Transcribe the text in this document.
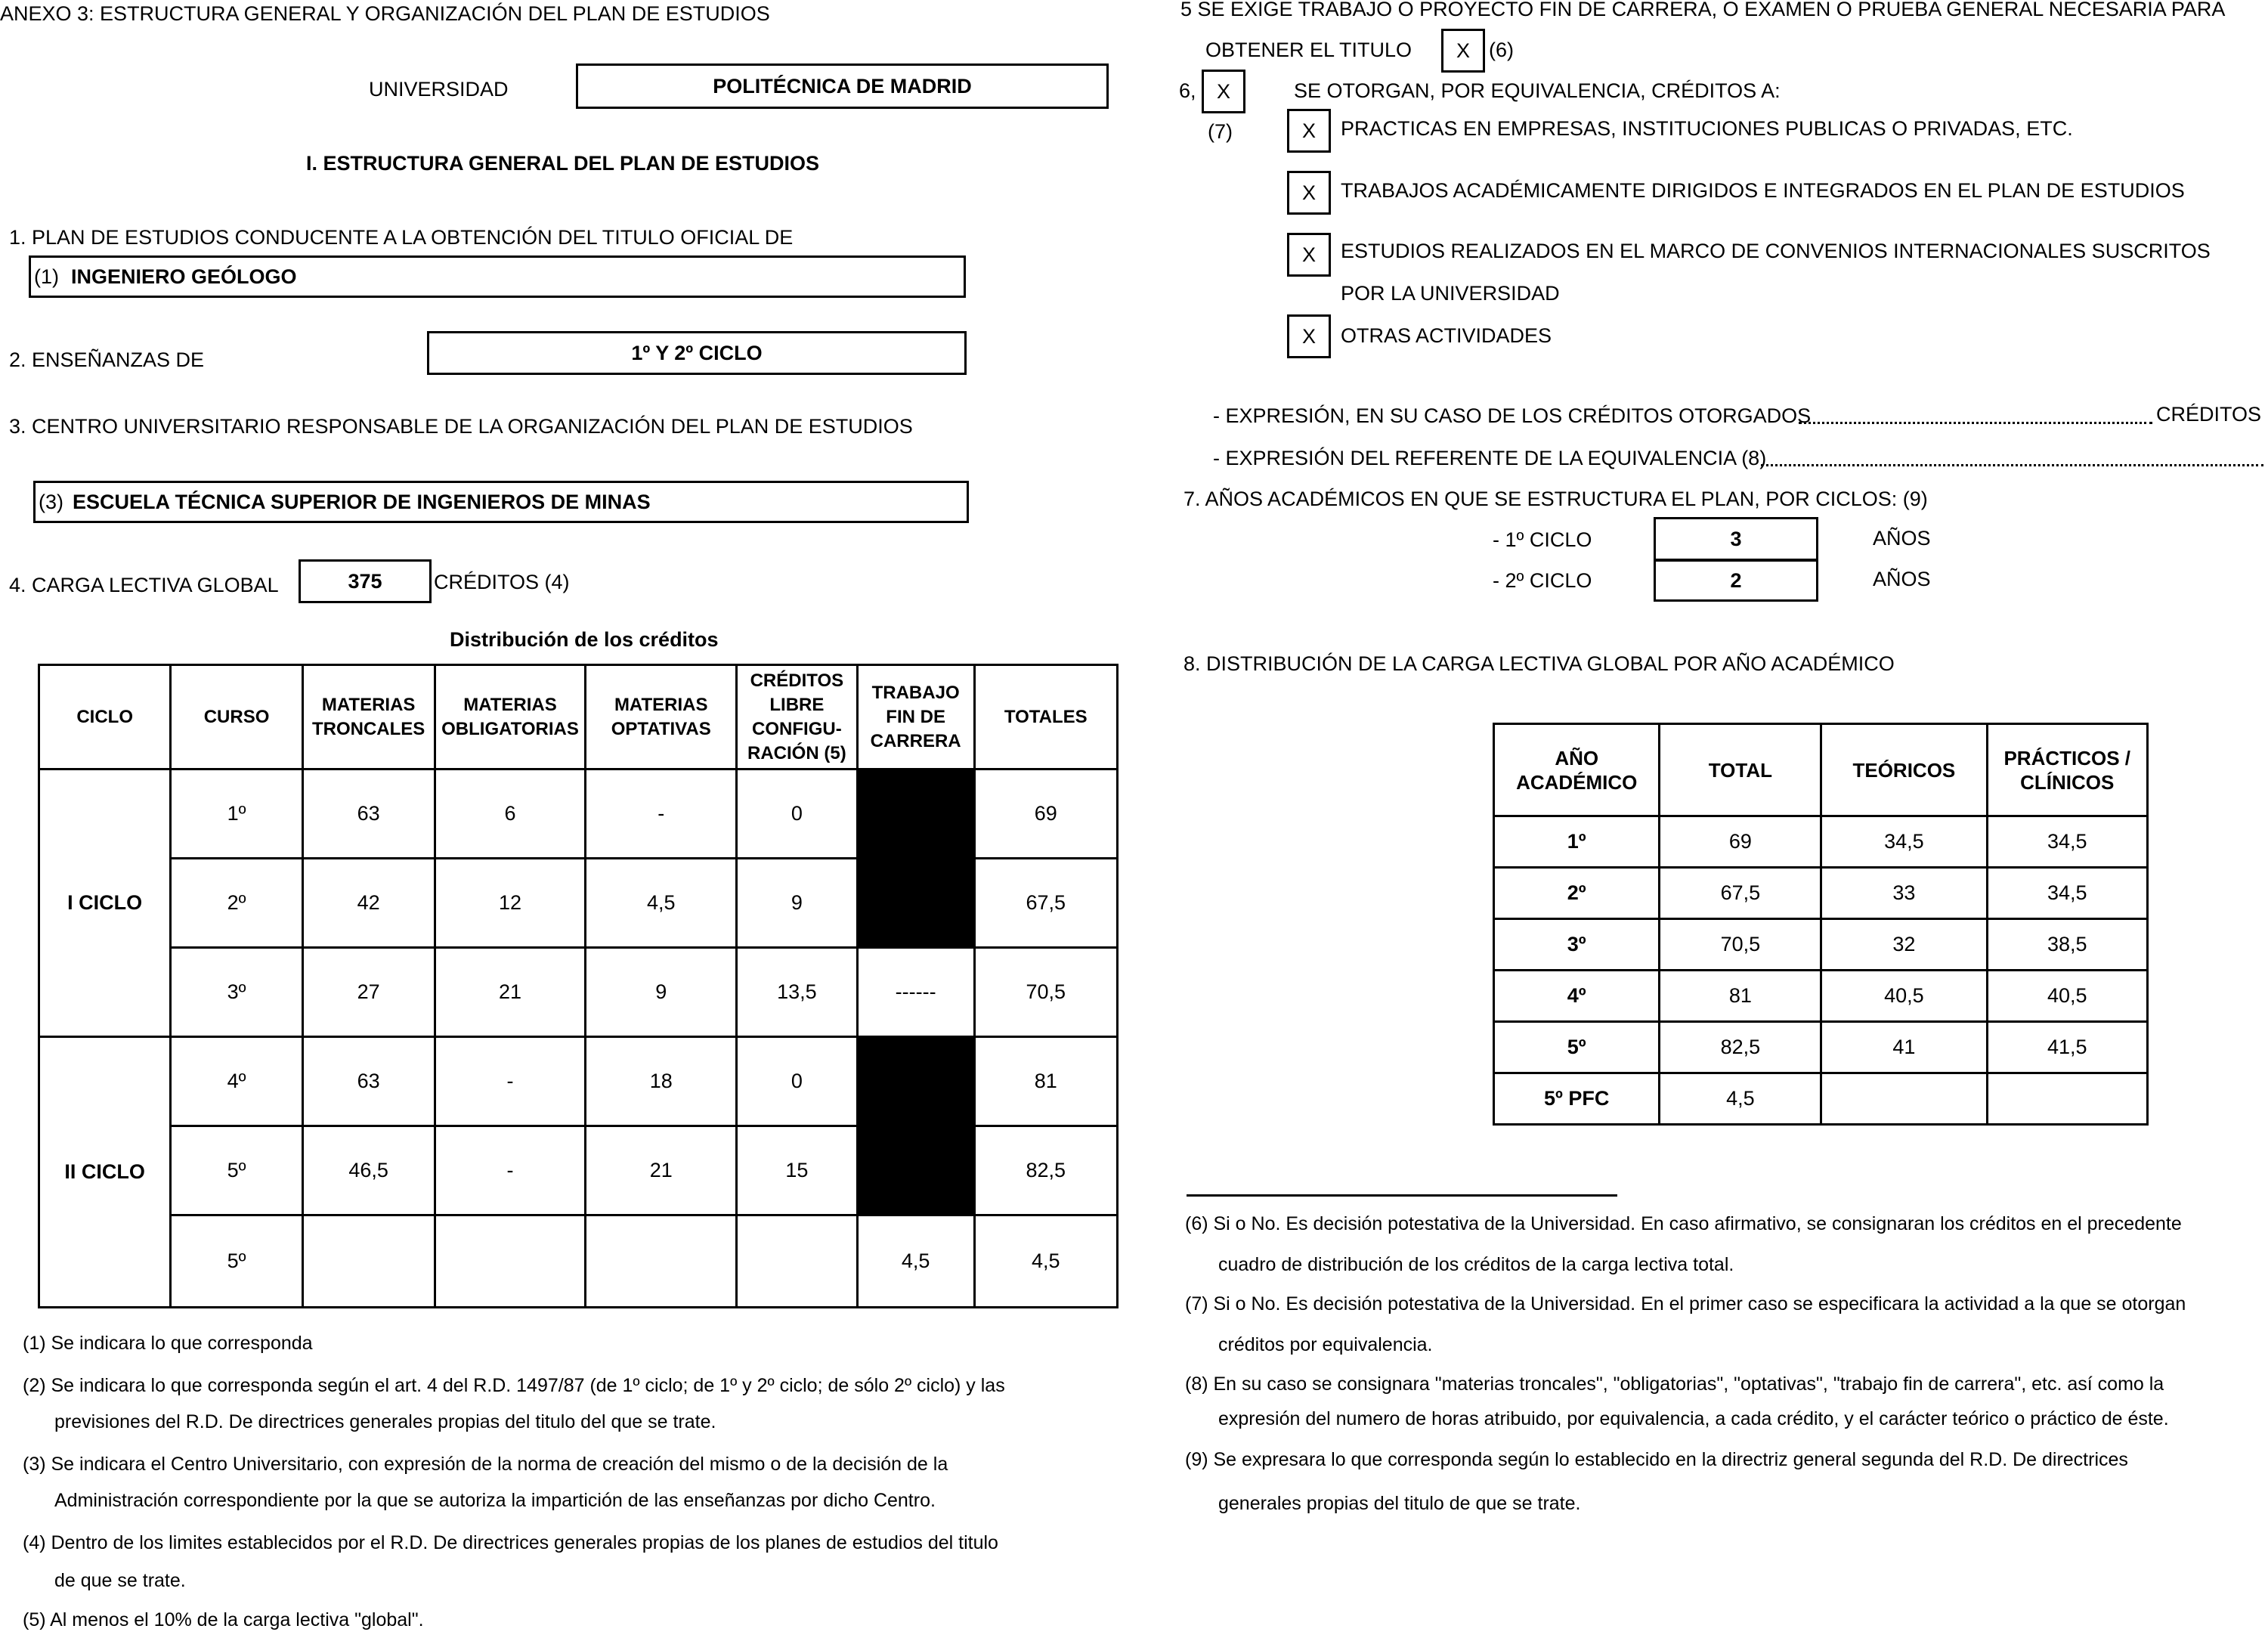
ANEXO 3: ESTRUCTURA GENERAL Y ORGANIZACIÓN DEL PLAN DE ESTUDIOS
UNIVERSIDAD	POLITÉCNICA DE MADRID
I. ESTRUCTURA GENERAL DEL PLAN DE ESTUDIOS
1. PLAN DE ESTUDIOS CONDUCENTE A LA OBTENCIÓN DEL TITULO OFICIAL DE
(1) INGENIERO GEÓLOGO
2. ENSEÑANZAS DE	1º Y 2º CICLO
3. CENTRO UNIVERSITARIO RESPONSABLE DE LA ORGANIZACIÓN DEL PLAN DE ESTUDIOS
(3) ESCUELA TÉCNICA SUPERIOR DE INGENIEROS DE MINAS
4. CARGA LECTIVA GLOBAL	375	CRÉDITOS (4)
Distribución de los créditos
CICLO	CURSO	MATERIAS TRONCALES	MATERIAS OBLIGATORIAS	MATERIAS OPTATIVAS	CRÉDITOS LIBRE CONFIGU-RACIÓN (5)	TRABAJO FIN DE CARRERA	TOTALES
I CICLO	1º	63	6	-	0		69
	2º	42	12	4,5	9		67,5
	3º	27	21	9	13,5	------	70,5
II CICLO	4º	63	-	18	0		81
	5º	46,5	-	21	15		82,5
	5º					4,5	4,5
(1) Se indicara lo que corresponda
(2) Se indicara lo que corresponda según el art. 4 del R.D. 1497/87 (de 1º ciclo; de 1º y 2º ciclo; de sólo 2º ciclo) y las
previsiones del R.D. De directrices generales propias del titulo del que se trate.
(3) Se indicara el Centro Universitario, con expresión de la norma de creación del mismo o de la decisión de la
Administración correspondiente por la que se autoriza la impartición de las enseñanzas por dicho Centro.
(4) Dentro de los limites establecidos por el R.D. De directrices generales propias de los planes de estudios del titulo
de que se trate.
(5) Al menos el 10% de la carga lectiva "global".
5 SE EXIGE TRABAJO O PROYECTO FIN DE CARRERA, O EXAMEN O PRUEBA GENERAL NECESARIA PARA
OBTENER EL TITULO X (6)
6, X	SE OTORGAN, POR EQUIVALENCIA, CRÉDITOS A:
(7)	X PRACTICAS EN EMPRESAS, INSTITUCIONES PUBLICAS O PRIVADAS, ETC.
X TRABAJOS ACADÉMICAMENTE DIRIGIDOS E INTEGRADOS EN EL PLAN DE ESTUDIOS
X ESTUDIOS REALIZADOS EN EL MARCO DE CONVENIOS INTERNACIONALES SUSCRITOS
POR LA UNIVERSIDAD
X OTRAS ACTIVIDADES
- EXPRESIÓN, EN SU CASO DE LOS CRÉDITOS OTORGADOS	CRÉDITOS
- EXPRESIÓN DEL REFERENTE DE LA EQUIVALENCIA (8)
7. AÑOS ACADÉMICOS EN QUE SE ESTRUCTURA EL PLAN, POR CICLOS: (9)
- 1º CICLO	3	AÑOS
- 2º CICLO	2	AÑOS
8. DISTRIBUCIÓN DE LA CARGA LECTIVA GLOBAL POR AÑO ACADÉMICO
AÑO ACADÉMICO	TOTAL	TEÓRICOS	PRÁCTICOS / CLÍNICOS
1º	69	34,5	34,5
2º	67,5	33	34,5
3º	70,5	32	38,5
4º	81	40,5	40,5
5º	82,5	41	41,5
5º PFC	4,5		
(6) Si o No. Es decisión potestativa de la Universidad. En caso afirmativo, se consignaran los créditos en el precedente
cuadro de distribución de los créditos de la carga lectiva total.
(7) Si o No. Es decisión potestativa de la Universidad. En el primer caso se especificara la actividad a la que se otorgan
créditos por equivalencia.
(8) En su caso se consignara "materias troncales", "obligatorias", "optativas", "trabajo fin de carrera", etc. así como la
expresión del numero de horas atribuido, por equivalencia, a cada crédito, y el carácter teórico o práctico de éste.
(9) Se expresara lo que corresponda según lo establecido en la directriz general segunda del R.D. De directrices
generales propias del titulo de que se trate.
